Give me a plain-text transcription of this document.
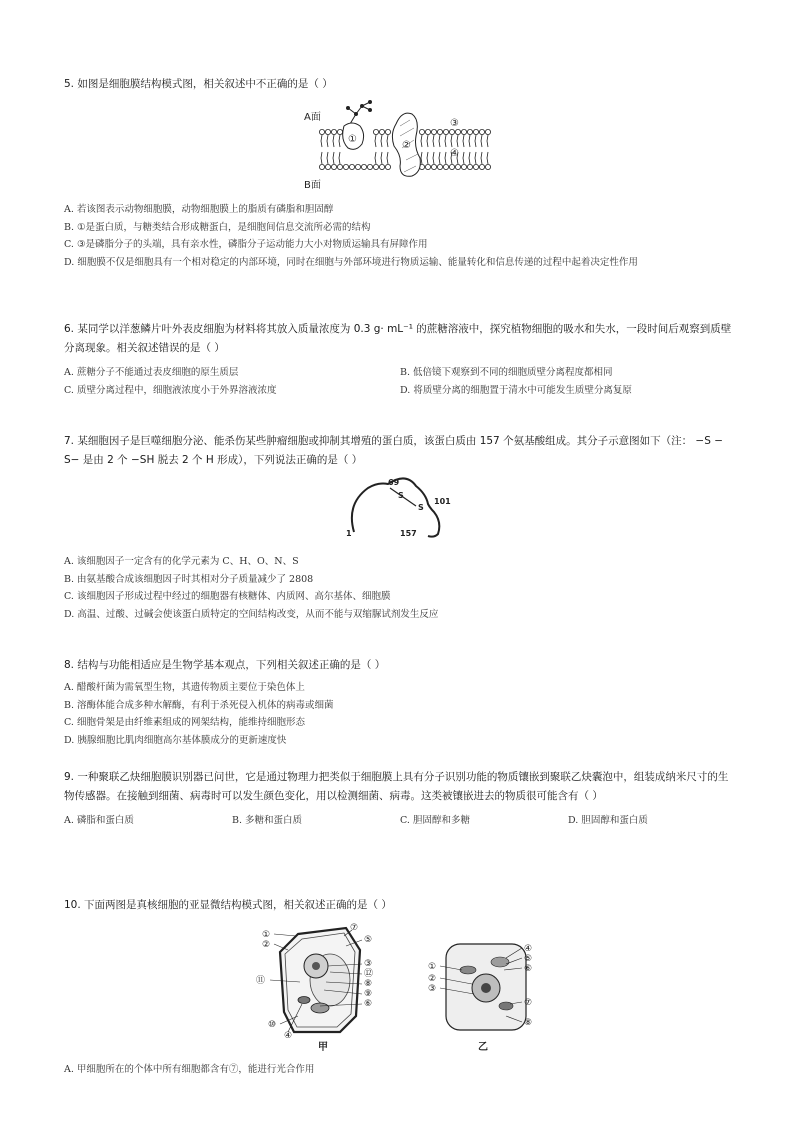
5. 如图是细胞膜结构模式图，相关叙述中不正确的是（ ）
A面
B面
①
②
③
④
A. 若该图表示动物细胞膜，动物细胞膜上的脂质有磷脂和胆固醇
B. ①是蛋白质，与糖类结合形成糖蛋白，是细胞间信息交流所必需的结构
C. ③是磷脂分子的头端，具有亲水性，磷脂分子运动能力大小对物质运输具有屏障作用
D. 细胞膜不仅是细胞具有一个相对稳定的内部环境，同时在细胞与外部环境进行物质运输、能量转化和信息传递的过程中起着决定性作用
6. 某同学以洋葱鳞片叶外表皮细胞为材料将其放入质量浓度为 0.3 g· mL⁻¹ 的蔗糖溶液中，探究植物细胞的吸水和失水，一段时间后观察到质壁分离现象。相关叙述错误的是（ ）
A. 蔗糖分子不能通过表皮细胞的原生质层	B. 低倍镜下观察到不同的细胞质壁分离程度都相同
C. 质壁分离过程中，细胞液浓度小于外界溶液浓度	D. 将质壁分离的细胞置于清水中可能发生质壁分离复原
7. 某细胞因子是巨噬细胞分泌、能杀伤某些肿瘤细胞或抑制其增殖的蛋白质，该蛋白质由 157 个氨基酸组成。其分子示意图如下（注： −S − S− 是由 2 个 −SH 脱去 2 个 H 形成），下列说法正确的是（ ）
69
101
1	157
S
S
A. 该细胞因子一定含有的化学元素为 C、H、O、N、S
B. 由氨基酸合成该细胞因子时其相对分子质量减少了 2808
C. 该细胞因子形成过程中经过的细胞器有核糖体、内质网、高尔基体、细胞膜
D. 高温、过酸、过碱会使该蛋白质特定的空间结构改变，从而不能与双缩脲试剂发生反应
8. 结构与功能相适应是生物学基本观点，下列相关叙述正确的是（ ）
A. 醋酸杆菌为需氧型生物，其遗传物质主要位于染色体上
B. 溶酶体能合成多种水解酶，有利于杀死侵入机体的病毒或细菌
C. 细胞骨架是由纤维素组成的网架结构，能维持细胞形态
D. 胰腺细胞比肌肉细胞高尔基体膜成分的更新速度快
9. 一种聚联乙炔细胞膜识别器已问世，它是通过物理力把类似于细胞膜上具有分子识别功能的物质镶嵌到聚联乙炔囊泡中，组装成纳米尺寸的生物传感器。在接触到细菌、病毒时可以发生颜色变化，用以检测细菌、病毒。这类被镶嵌进去的物质很可能含有（ ）
A. 磷脂和蛋白质	B. 多糖和蛋白质	C. 胆固醇和多糖	D. 胆固醇和蛋白质
10. 下面两图是真核细胞的亚显微结构模式图，相关叙述正确的是（ ）
①
②
⑦
⑤
③
⑫
⑧
⑨
⑪
⑥
⑩
④
甲
④
⑤
⑥
①
②
③
⑦
⑧
乙
A. 甲细胞所在的个体中所有细胞都含有⑦，能进行光合作用
